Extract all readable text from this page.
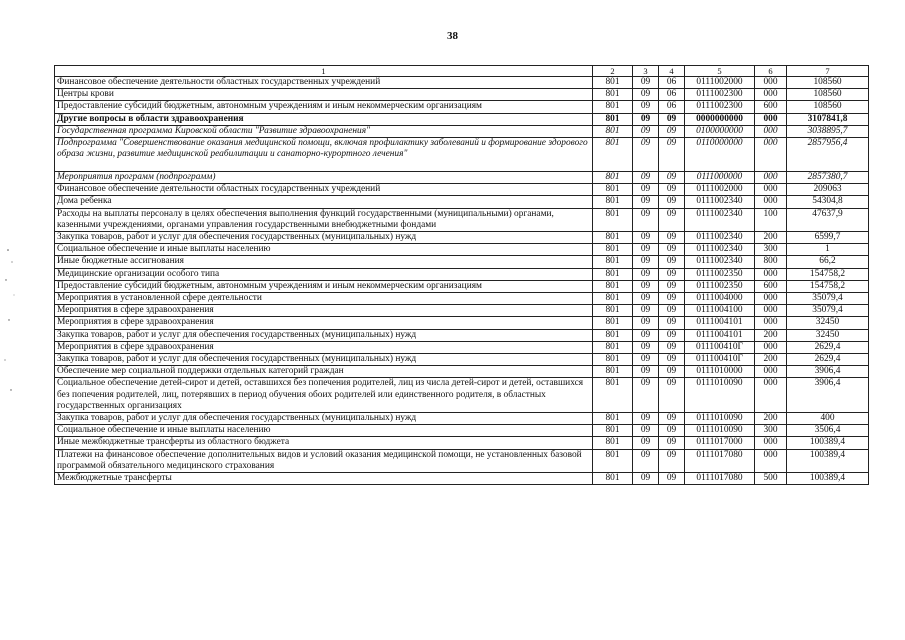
38
1	2	3	4	5	6	7
Финансовое обеспечение деятельности областных государственных учреждений	801	09	06	0111002000	000	108560
Центры крови	801	09	06	0111002300	000	108560
Предоставление субсидий бюджетным, автономным учреждениям и иным некоммерческим организациям	801	09	06	0111002300	600	108560
Другие вопросы в области здравоохранения	801	09	09	0000000000	000	3107841,8
Государственная программа Кировской области "Развитие здравоохранения"	801	09	09	0100000000	000	3038895,7
Подпрограмма "Совершенствование оказания медицинской помощи, включая профилактику заболеваний и формирование здорового образа жизни, развитие медицинской реабилитации и санаторно-курортного лечения"	801	09	09	0110000000	000	2857956,4
Мероприятия программ (подпрограмм)	801	09	09	0111000000	000	2857380,7
Финансовое обеспечение деятельности областных государственных учреждений	801	09	09	0111002000	000	209063
Дома ребенка	801	09	09	0111002340	000	54304,8
Расходы на выплаты персоналу в целях обеспечения выполнения функций государственными (муниципальными) органами, казенными учреждениями, органами управления государственными внебюджетными фондами	801	09	09	0111002340	100	47637,9
Закупка товаров, работ и услуг для обеспечения государственных (муниципальных) нужд	801	09	09	0111002340	200	6599,7
Социальное обеспечение и иные выплаты населению	801	09	09	0111002340	300	1
Иные бюджетные ассигнования	801	09	09	0111002340	800	66,2
Медицинские организации особого типа	801	09	09	0111002350	000	154758,2
Предоставление субсидий бюджетным, автономным учреждениям и иным некоммерческим организациям	801	09	09	0111002350	600	154758,2
Мероприятия в установленной сфере деятельности	801	09	09	0111004000	000	35079,4
Мероприятия в сфере здравоохранения	801	09	09	0111004100	000	35079,4
Мероприятия в сфере здравоохранения	801	09	09	0111004101	000	32450
Закупка товаров, работ и услуг для обеспечения государственных (муниципальных) нужд	801	09	09	0111004101	200	32450
Мероприятия в сфере здравоохранения	801	09	09	011100410Г	000	2629,4
Закупка товаров, работ и услуг для обеспечения государственных (муниципальных) нужд	801	09	09	011100410Г	200	2629,4
Обеспечение мер социальной поддержки отдельных категорий граждан	801	09	09	0111010000	000	3906,4
Социальное обеспечение детей-сирот и детей, оставшихся без попечения родителей, лиц из числа детей-сирот и детей, оставшихся без попечения родителей, лиц, потерявших в период обучения обоих родителей или единственного родителя, в областных государственных организациях	801	09	09	0111010090	000	3906,4
Закупка товаров, работ и услуг для обеспечения государственных (муниципальных) нужд	801	09	09	0111010090	200	400
Социальное обеспечение и иные выплаты населению	801	09	09	0111010090	300	3506,4
Иные межбюджетные трансферты из областного бюджета	801	09	09	0111017000	000	100389,4
Платежи на финансовое обеспечение дополнительных видов и условий оказания медицинской помощи, не установленных базовой программой обязательного медицинского страхования	801	09	09	0111017080	000	100389,4
Межбюджетные трансферты	801	09	09	0111017080	500	100389,4
